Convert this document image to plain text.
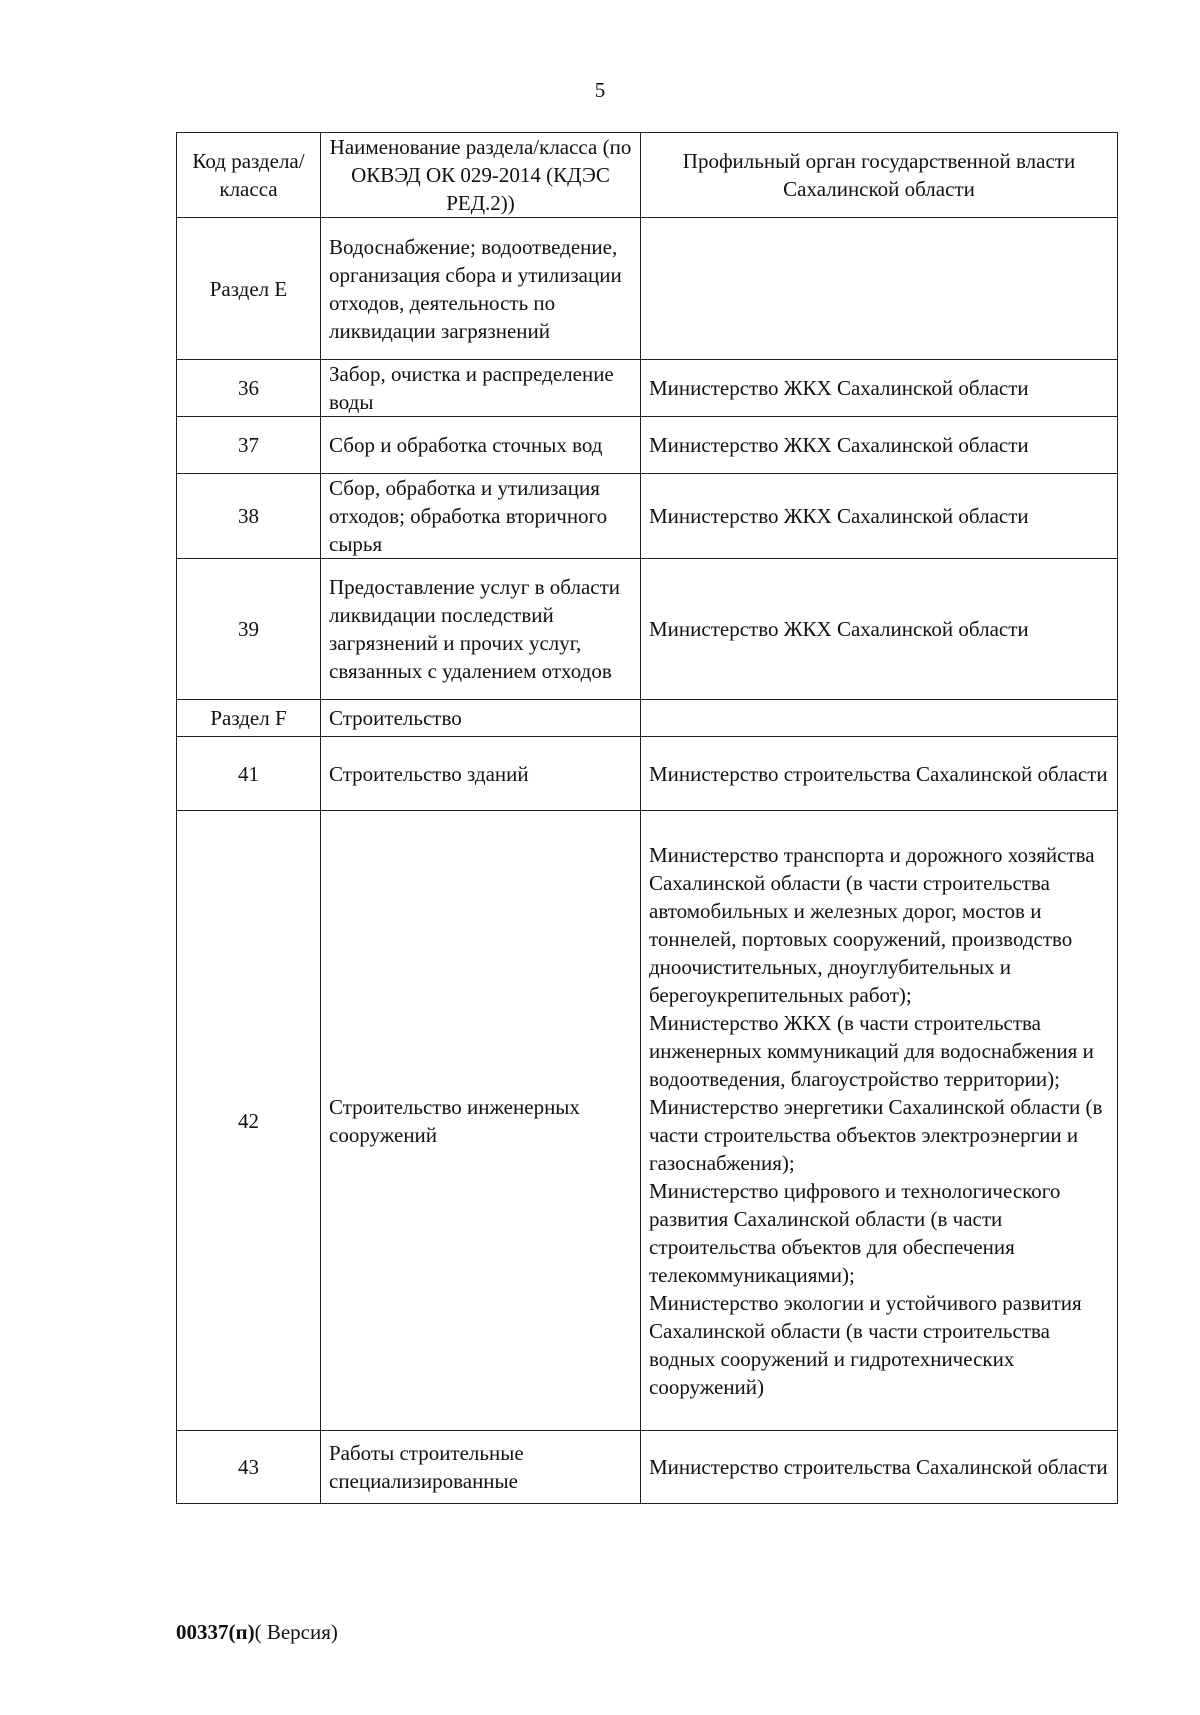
5
Код раздела/ класса	Наименование раздела/класса (по ОКВЭД ОК 029-2014 (КДЭС РЕД.2))	Профильный орган государственной власти Сахалинской области
Раздел E	Водоснабжение; водоотведение, организация сбора и утилизации отходов, деятельность по ликвидации загрязнений	
36	Забор, очистка и распределение воды	Министерство ЖКХ Сахалинской области
37	Сбор и обработка сточных вод	Министерство ЖКХ Сахалинской области
38	Сбор, обработка и утилизация отходов; обработка вторичного сырья	Министерство ЖКХ Сахалинской области
39	Предоставление услуг в области ликвидации последствий загрязнений и прочих услуг, связанных с удалением отходов	Министерство ЖКХ Сахалинской области
Раздел F	Строительство	
41	Строительство зданий	Министерство строительства Сахалинской области
42	Строительство инженерных сооружений	Министерство транспорта и дорожного хозяйства Сахалинской области (в части строительства автомобильных и железных дорог, мостов и тоннелей, портовых сооружений, производство дноочистительных, дноуглубительных и берегоукрепительных работ);
Министерство ЖКХ (в части строительства инженерных коммуникаций для водоснабжения и водоотведения, благоустройство территории);
Министерство энергетики Сахалинской области (в части строительства объектов электроэнергии и газоснабжения);
Министерство цифрового и технологического развития Сахалинской области (в части строительства объектов для обеспечения телекоммуникациями);
Министерство экологии и устойчивого развития Сахалинской области (в части строительства водных сооружений и гидротехнических сооружений)

43	Работы строительные специализированные	Министерство строительства Сахалинской области
00337(п)( Версия)
